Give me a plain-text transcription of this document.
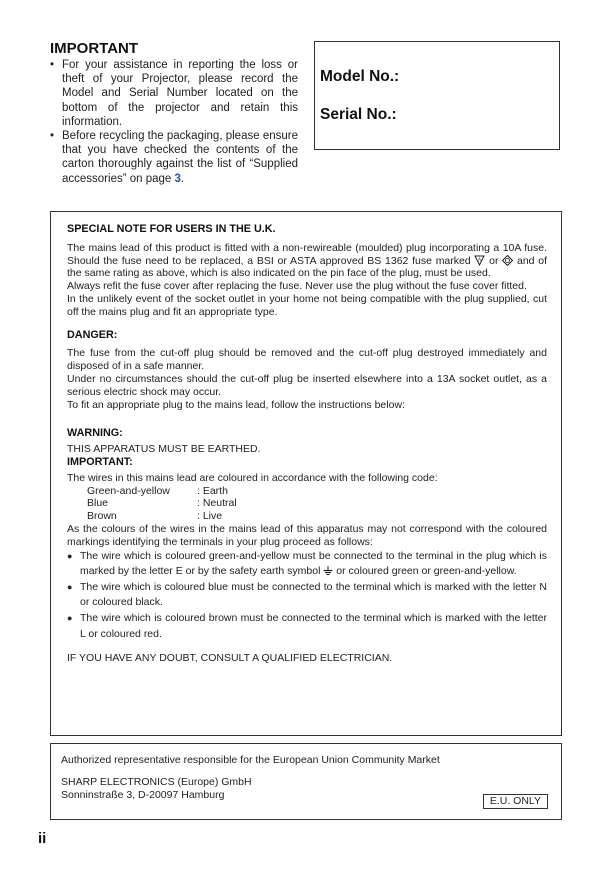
IMPORTANT
• For your assistance in reporting the loss or theft of your Projector, please record the Model and Serial Number located on the bottom of the projector and retain this information.
• Before recycling the packaging, please ensure that you have checked the contents of the carton thoroughly against the list of “Supplied accessories” on page 3.
Model No.:
Serial No.:

SPECIAL NOTE FOR USERS IN THE U.K.

The mains lead of this product is fitted with a non-rewireable (moulded) plug incorporating a 10A fuse. Should the fuse need to be replaced, a BSI or ASTA approved BS 1362 fuse marked A or  and of the same rating as above, which is also indicated on the pin face of the plug, must be used.

Always refit the fuse cover after replacing the fuse. Never use the plug without the fuse cover fitted.

In the unlikely event of the socket outlet in your home not being compatible with the plug supplied, cut off the mains plug and fit an appropriate type.

DANGER:

The fuse from the cut-off plug should be removed and the cut-off plug destroyed immediately and disposed of in a safe manner.

Under no circumstances should the cut-off plug be inserted elsewhere into a 13A socket outlet, as a serious electric shock may occur.

To fit an appropriate plug to the mains lead, follow the instructions below:

WARNING:

THIS APPARATUS MUST BE EARTHED.

IMPORTANT:

The wires in this mains lead are coloured in accordance with the following code:

Green-and-yellow	: Earth
Blue	: Neutral
Brown	: Live

As the colours of the wires in the mains lead of this apparatus may not correspond with the coloured markings identifying the terminals in your plug proceed as follows:

● The wire which is coloured green-and-yellow must be connected to the terminal in the plug which is marked by the letter E or by the safety earth symbol  or coloured green or green-and-yellow.
● The wire which is coloured blue must be connected to the terminal which is marked with the letter N or coloured black.
● The wire which is coloured brown must be connected to the terminal which is marked with the letter L or coloured red.

IF YOU HAVE ANY DOUBT, CONSULT A QUALIFIED ELECTRICIAN.

Authorized representative responsible for the European Union Community Market

SHARP ELECTRONICS (Europe) GmbH

Sonninstraße 3, D-20097 Hamburg	E.U. ONLY
ii
